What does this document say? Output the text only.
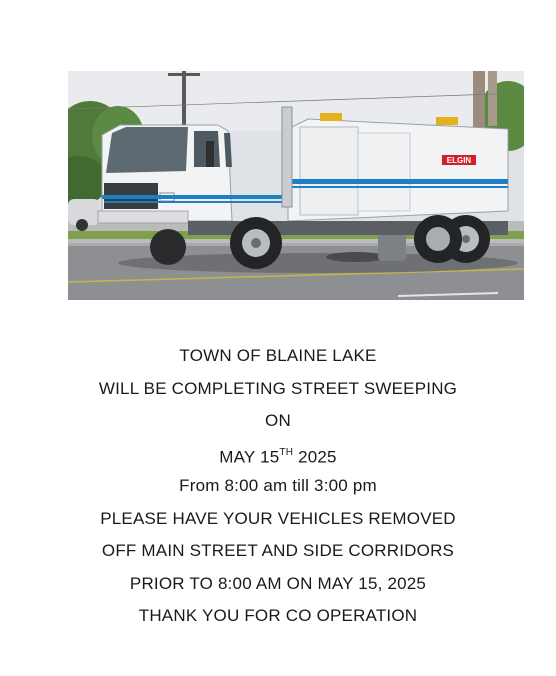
ELGIN
TOWN OF BLAINE LAKE
WILL BE COMPLETING STREET SWEEPING
ON
MAY 15TH 2025
From 8:00 am till 3:00 pm
PLEASE HAVE YOUR VEHICLES REMOVED
OFF MAIN STREET AND SIDE CORRIDORS
PRIOR TO 8:00 AM ON MAY 15, 2025
THANK YOU FOR CO OPERATION
